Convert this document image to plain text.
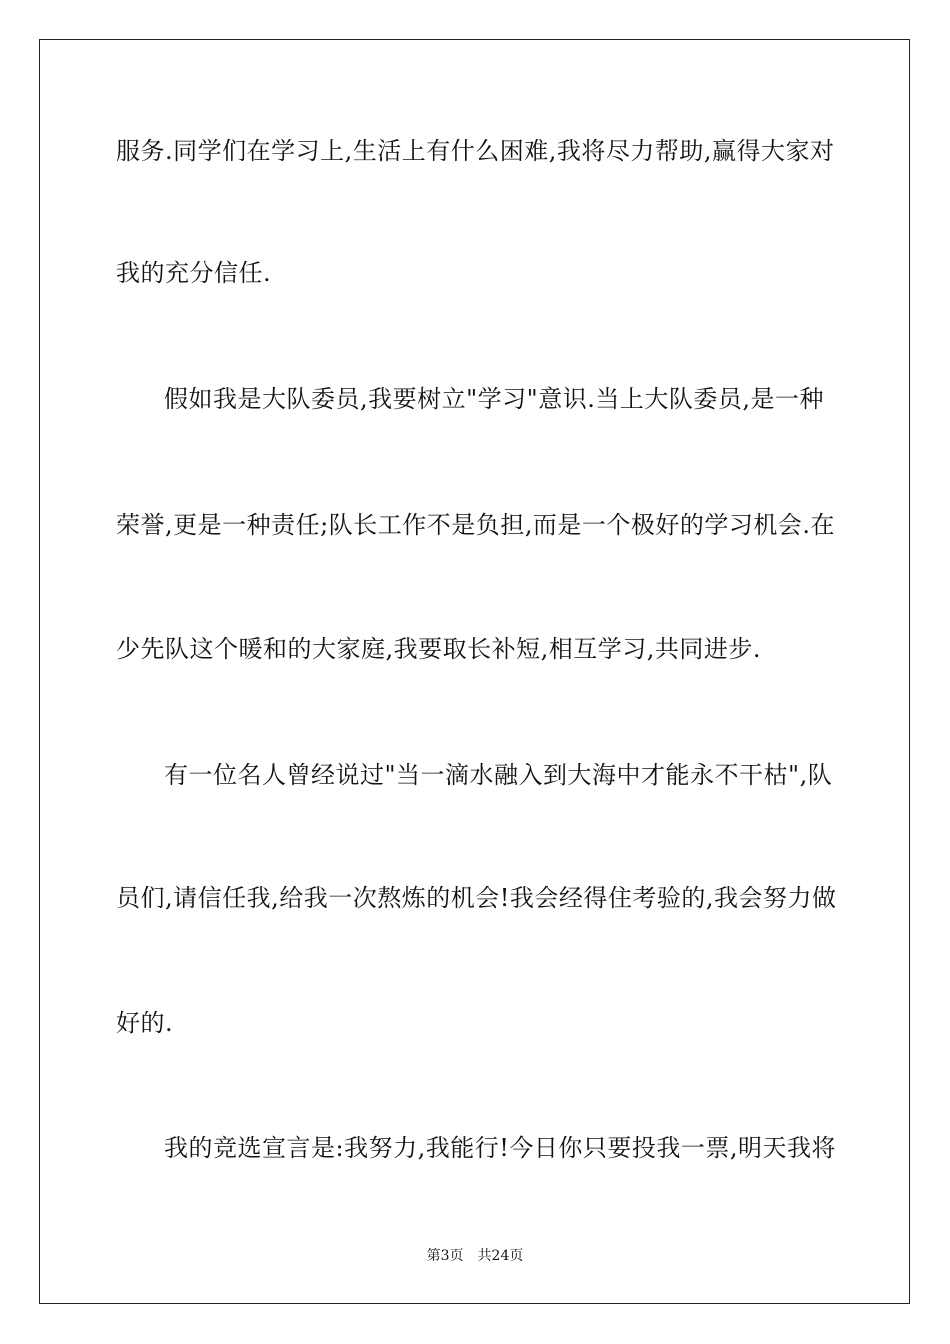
服务.同学们在学习上,生活上有什么困难,我将尽力帮助,赢得大家对
我的充分信任.
假如我是大队委员,我要树立"学习"意识.当上大队委员,是一种
荣誉,更是一种责任;队长工作不是负担,而是一个极好的学习机会.在
少先队这个暖和的大家庭,我要取长补短,相互学习,共同进步.
有一位名人曾经说过"当一滴水融入到大海中才能永不干枯",队
员们,请信任我,给我一次熬炼的机会!我会经得住考验的,我会努力做
好的.
我的竞选宣言是:我努力,我能行!今日你只要投我一票,明天我将
第3页 共24页
